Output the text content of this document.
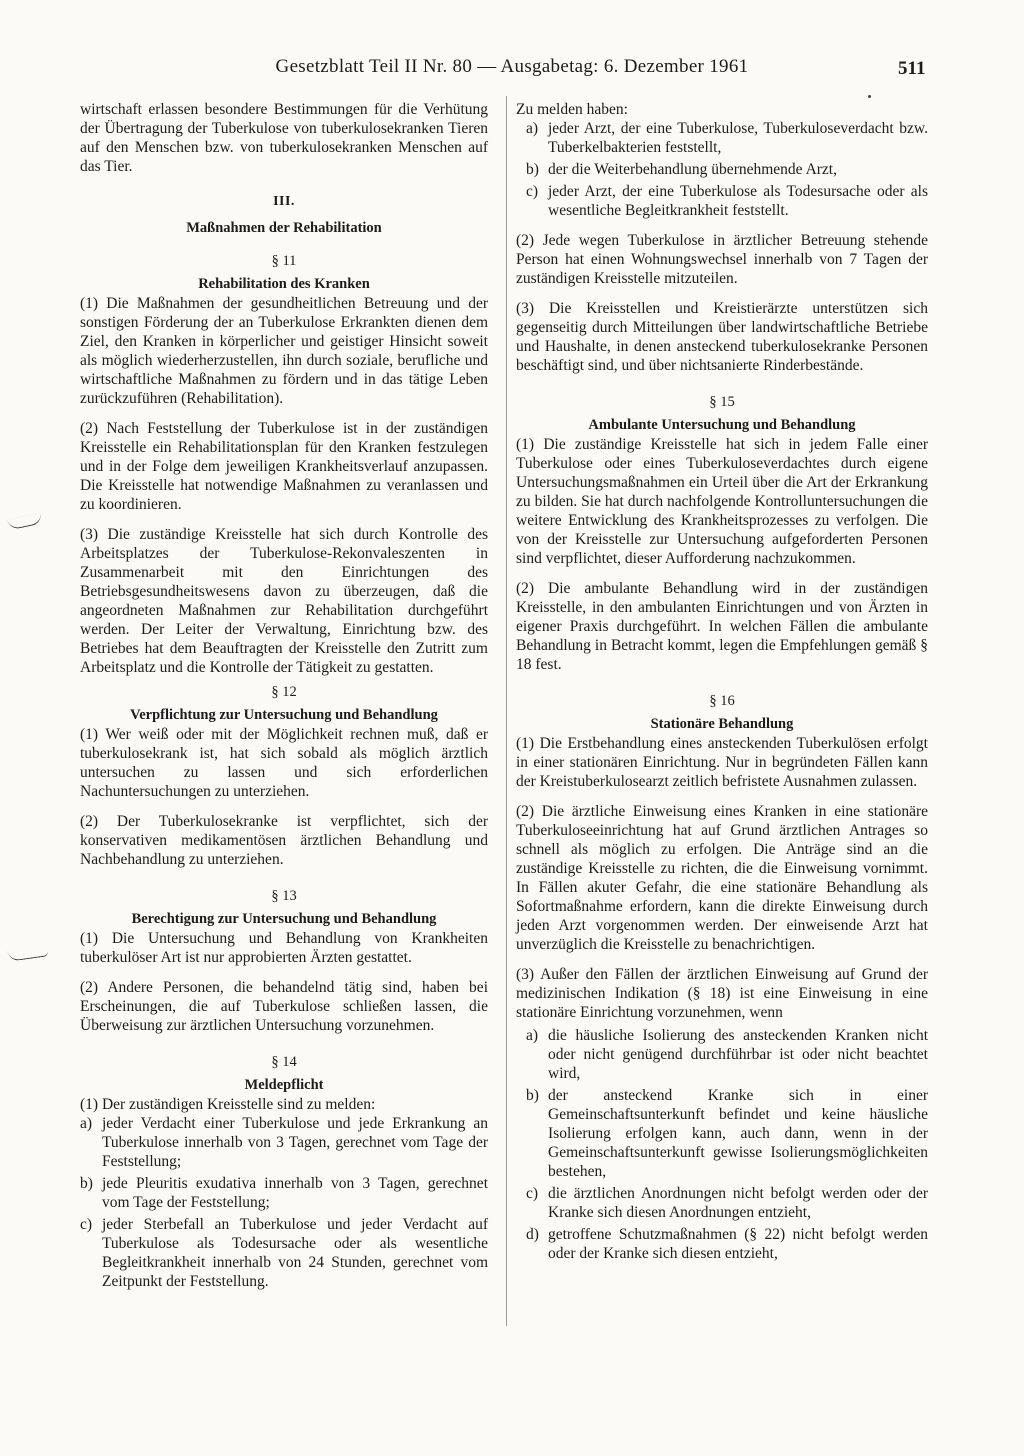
Gesetzblatt Teil II Nr. 80 — Ausgabetag: 6. Dezember 1961	511

wirtschaft erlassen besondere Bestimmungen für die Verhütung der Übertragung der Tuberkulose von tuberkulosekranken Tieren auf den Menschen bzw. von tuberkulosekranken Menschen auf das Tier.

III.

Maßnahmen der Rehabilitation

§ 11

Rehabilitation des Kranken

(1) Die Maßnahmen der gesundheitlichen Betreuung und der sonstigen Förderung der an Tuberkulose Erkrankten dienen dem Ziel, den Kranken in körperlicher und geistiger Hinsicht soweit als möglich wiederherzustellen, ihn durch soziale, berufliche und wirtschaftliche Maßnahmen zu fördern und in das tätige Leben zurückzuführen (Rehabilitation).

(2) Nach Feststellung der Tuberkulose ist in der zuständigen Kreisstelle ein Rehabilitationsplan für den Kranken festzulegen und in der Folge dem jeweiligen Krankheitsverlauf anzupassen. Die Kreisstelle hat notwendige Maßnahmen zu veranlassen und zu koordinieren.

(3) Die zuständige Kreisstelle hat sich durch Kontrolle des Arbeitsplatzes der Tuberkulose-Rekonvaleszenten in Zusammenarbeit mit den Einrichtungen des Betriebsgesundheitswesens davon zu überzeugen, daß die angeordneten Maßnahmen zur Rehabilitation durchgeführt werden. Der Leiter der Verwaltung, Einrichtung bzw. des Betriebes hat dem Beauftragten der Kreisstelle den Zutritt zum Arbeitsplatz und die Kontrolle der Tätigkeit zu gestatten.

§ 12

Verpflichtung zur Untersuchung und Behandlung

(1) Wer weiß oder mit der Möglichkeit rechnen muß, daß er tuberkulosekrank ist, hat sich sobald als möglich ärztlich untersuchen zu lassen und sich erforderlichen Nachuntersuchungen zu unterziehen.

(2) Der Tuberkulosekranke ist verpflichtet, sich der konservativen medikamentösen ärztlichen Behandlung und Nachbehandlung zu unterziehen.

§ 13

Berechtigung zur Untersuchung und Behandlung

(1) Die Untersuchung und Behandlung von Krankheiten tuberkulöser Art ist nur approbierten Ärzten gestattet.

(2) Andere Personen, die behandelnd tätig sind, haben bei Erscheinungen, die auf Tuberkulose schließen lassen, die Überweisung zur ärztlichen Untersuchung vorzunehmen.

§ 14

Meldepflicht

(1) Der zuständigen Kreisstelle sind zu melden:

a) jeder Verdacht einer Tuberkulose und jede Erkrankung an Tuberkulose innerhalb von 3 Tagen, gerechnet vom Tage der Feststellung;
b) jede Pleuritis exudativa innerhalb von 3 Tagen, gerechnet vom Tage der Feststellung;
c) jeder Sterbefall an Tuberkulose und jeder Verdacht auf Tuberkulose als Todesursache oder als wesentliche Begleitkrankheit innerhalb von 24 Stunden, gerechnet vom Zeitpunkt der Feststellung.

Zu melden haben:

a) jeder Arzt, der eine Tuberkulose, Tuberkuloseverdacht bzw. Tuberkelbakterien feststellt,
b) der die Weiterbehandlung übernehmende Arzt,
c) jeder Arzt, der eine Tuberkulose als Todesursache oder als wesentliche Begleitkrankheit feststellt.

(2) Jede wegen Tuberkulose in ärztlicher Betreuung stehende Person hat einen Wohnungswechsel innerhalb von 7 Tagen der zuständigen Kreisstelle mitzuteilen.

(3) Die Kreisstellen und Kreistierärzte unterstützen sich gegenseitig durch Mitteilungen über landwirtschaftliche Betriebe und Haushalte, in denen ansteckend tuberkulosekranke Personen beschäftigt sind, und über nichtsanierte Rinderbestände.

§ 15

Ambulante Untersuchung und Behandlung

(1) Die zuständige Kreisstelle hat sich in jedem Falle einer Tuberkulose oder eines Tuberkuloseverdachtes durch eigene Untersuchungsmaßnahmen ein Urteil über die Art der Erkrankung zu bilden. Sie hat durch nachfolgende Kontrolluntersuchungen die weitere Entwicklung des Krankheitsprozesses zu verfolgen. Die von der Kreisstelle zur Untersuchung aufgeforderten Personen sind verpflichtet, dieser Aufforderung nachzukommen.

(2) Die ambulante Behandlung wird in der zuständigen Kreisstelle, in den ambulanten Einrichtungen und von Ärzten in eigener Praxis durchgeführt. In welchen Fällen die ambulante Behandlung in Betracht kommt, legen die Empfehlungen gemäß § 18 fest.

§ 16

Stationäre Behandlung

(1) Die Erstbehandlung eines ansteckenden Tuberkulösen erfolgt in einer stationären Einrichtung. Nur in begründeten Fällen kann der Kreistuberkulosearzt zeitlich befristete Ausnahmen zulassen.

(2) Die ärztliche Einweisung eines Kranken in eine stationäre Tuberkuloseeinrichtung hat auf Grund ärztlichen Antrages so schnell als möglich zu erfolgen. Die Anträge sind an die zuständige Kreisstelle zu richten, die die Einweisung vornimmt. In Fällen akuter Gefahr, die eine stationäre Behandlung als Sofortmaßnahme erfordern, kann die direkte Einweisung durch jeden Arzt vorgenommen werden. Der einweisende Arzt hat unverzüglich die Kreisstelle zu benachrichtigen.

(3) Außer den Fällen der ärztlichen Einweisung auf Grund der medizinischen Indikation (§ 18) ist eine Einweisung in eine stationäre Einrichtung vorzunehmen, wenn

a) die häusliche Isolierung des ansteckenden Kranken nicht oder nicht genügend durchführbar ist oder nicht beachtet wird,
b) der ansteckend Kranke sich in einer Gemeinschaftsunterkunft befindet und keine häusliche Isolierung erfolgen kann, auch dann, wenn in der Gemeinschaftsunterkunft gewisse Isolierungsmöglichkeiten bestehen,
c) die ärztlichen Anordnungen nicht befolgt werden oder der Kranke sich diesen Anordnungen entzieht,
d) getroffene Schutzmaßnahmen (§ 22) nicht befolgt werden oder der Kranke sich diesen entzieht,
